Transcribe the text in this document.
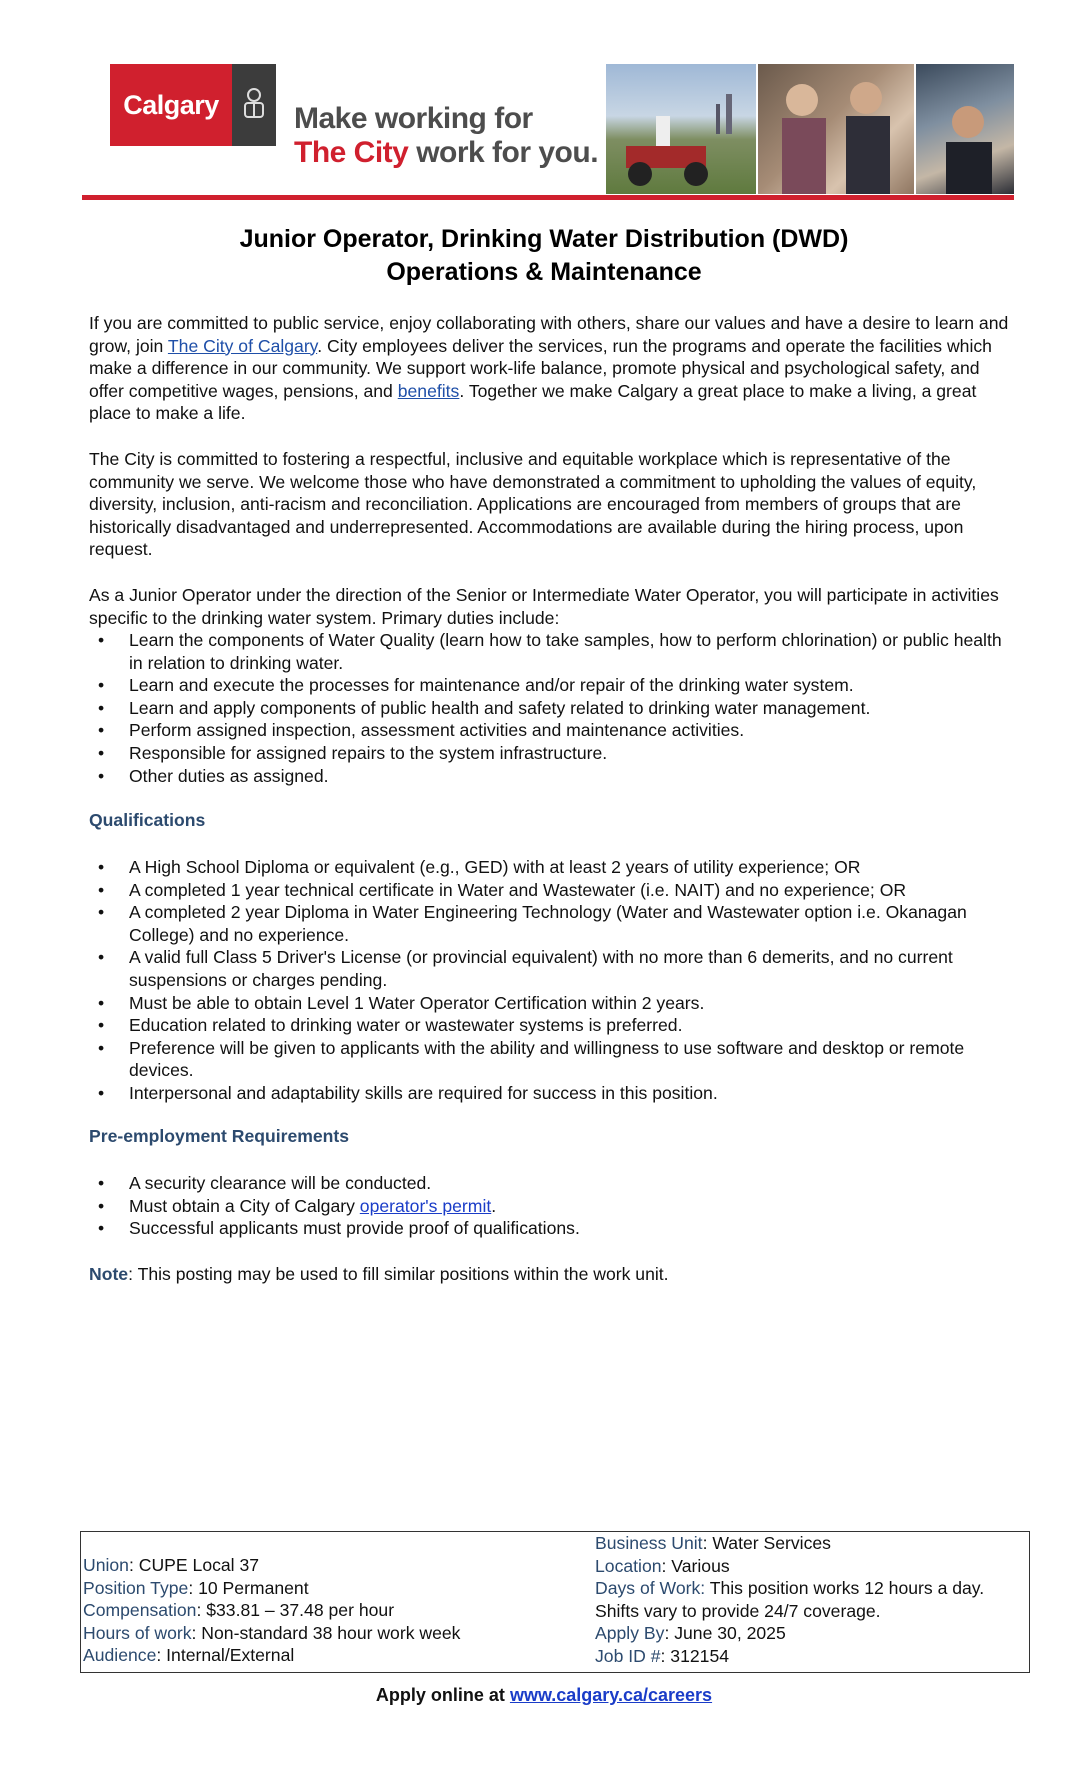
Calgary	Make working for
The City work for you.
Junior Operator, Drinking Water Distribution (DWD)
Operations & Maintenance

If you are committed to public service, enjoy collaborating with others, share our values and have a desire to learn and grow, join The City of Calgary. City employees deliver the services, run the programs and operate the facilities which make a difference in our community. We support work-life balance, promote physical and psychological safety, and offer competitive wages, pensions, and benefits. Together we make Calgary a great place to make a living, a great place to make a life.

The City is committed to fostering a respectful, inclusive and equitable workplace which is representative of the community we serve. We welcome those who have demonstrated a commitment to upholding the values of equity, diversity, inclusion, anti-racism and reconciliation. Applications are encouraged from members of groups that are historically disadvantaged and underrepresented. Accommodations are available during the hiring process, upon request.

As a Junior Operator under the direction of the Senior or Intermediate Water Operator, you will participate in activities specific to the drinking water system. Primary duties include:

• Learn the components of Water Quality (learn how to take samples, how to perform chlorination) or public health in relation to drinking water.
• Learn and execute the processes for maintenance and/or repair of the drinking water system.
• Learn and apply components of public health and safety related to drinking water management.
• Perform assigned inspection, assessment activities and maintenance activities.
• Responsible for assigned repairs to the system infrastructure.
• Other duties as assigned.
Qualifications
• A High School Diploma or equivalent (e.g., GED) with at least 2 years of utility experience; OR
• A completed 1 year technical certificate in Water and Wastewater (i.e. NAIT) and no experience; OR
• A completed 2 year Diploma in Water Engineering Technology (Water and Wastewater option i.e. Okanagan College) and no experience.
• A valid full Class 5 Driver's License (or provincial equivalent) with no more than 6 demerits, and no current suspensions or charges pending.
• Must be able to obtain Level 1 Water Operator Certification within 2 years.
• Education related to drinking water or wastewater systems is preferred.
• Preference will be given to applicants with the ability and willingness to use software and desktop or remote devices.
• Interpersonal and adaptability skills are required for success in this position.
Pre-employment Requirements
• A security clearance will be conducted.
• Must obtain a City of Calgary operator's permit.
• Successful applicants must provide proof of qualifications.

Note: This posting may be used to fill similar positions within the work unit.

Union: CUPE Local 37
Position Type: 10 Permanent
Compensation: $33.81 – 37.48 per hour
Hours of work: Non-standard 38 hour work week
Audience: Internal/External
Business Unit: Water Services
Location: Various
Days of Work: This position works 12 hours a day. Shifts vary to provide 24/7 coverage.
Apply By: June 30, 2025
Job ID #: 312154
Apply online at www.calgary.ca/careers
